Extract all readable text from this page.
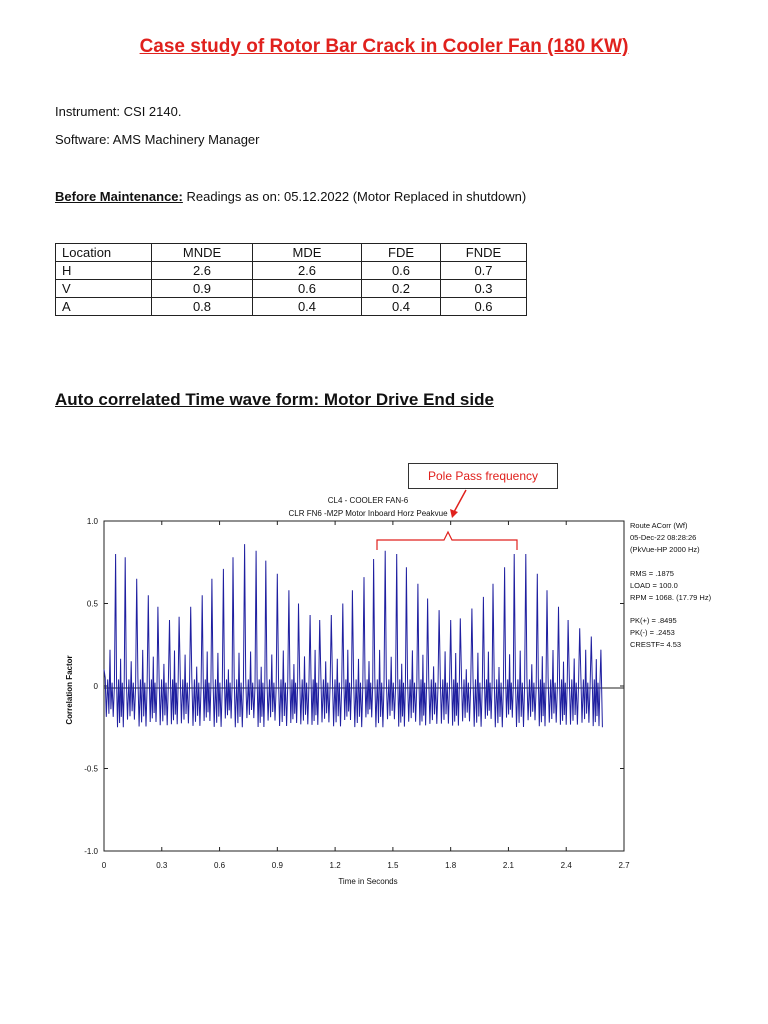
Case study of Rotor Bar Crack in Cooler Fan (180 KW)
Instrument: CSI 2140.
Software: AMS Machinery Manager
Before Maintenance: Readings as on: 05.12.2022 (Motor Replaced in shutdown)
Location	MNDE	MDE	FDE	FNDE
H	2.6	2.6	0.6	0.7
V	0.9	0.6	0.2	0.3
A	0.8	0.4	0.4	0.6
Auto correlated Time wave form: Motor Drive End side
Pole Pass frequency
CL4 - COOLER FAN-6
CLR FN6 -M2P Motor Inboard Horz Peakvue
1.0
0.5
0
-0.5
-1.0
0	0.3	0.6	0.9	1.2	1.5	1.8	2.1	2.4	2.7
Time in Seconds
Correlation Factor
Route ACorr (Wf)
05-Dec-22 08:28:26
(PkVue-HP 2000 Hz)
RMS = .1875
LOAD = 100.0
RPM = 1068. (17.79 Hz)
PK(+) = .8495
PK(-) = .2453
CRESTF= 4.53
